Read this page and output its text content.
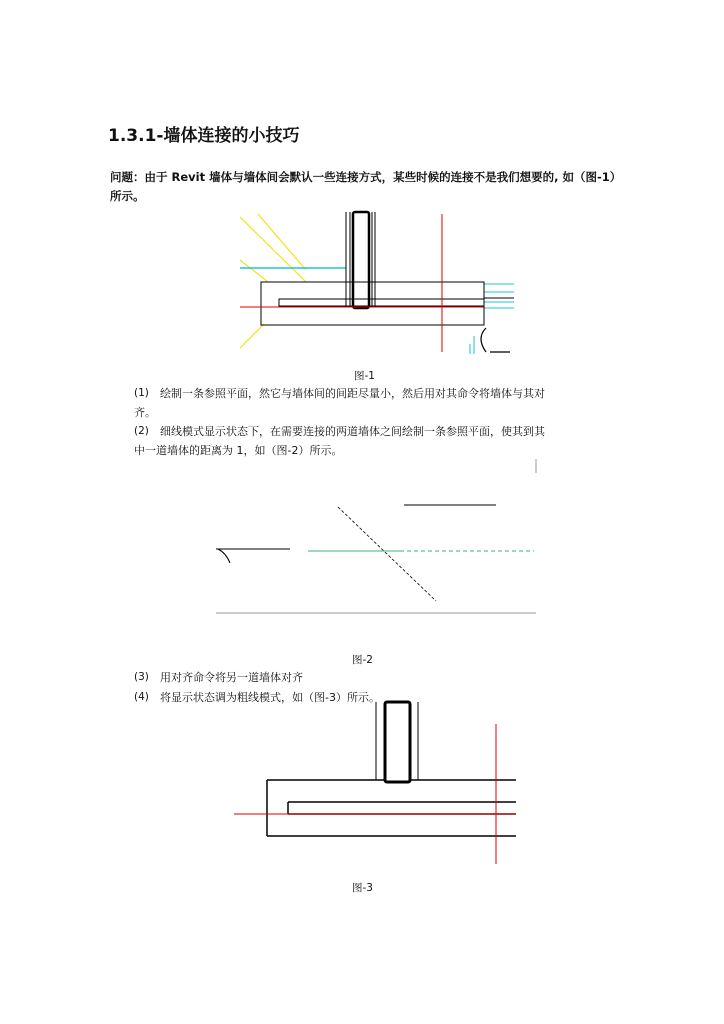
1.3.1-墙体连接的小技巧
问题：由于 Revit 墙体与墙体间会默认一些连接方式，某些时候的连接不是我们想要的, 如（图-1）所示。
图-1
(1) 绘制一条参照平面，然它与墙体间的间距尽量小，然后用对其命令将墙体与其对
齐。
(2) 细线模式显示状态下，在需要连接的两道墙体之间绘制一条参照平面，使其到其
中一道墙体的距离为 1，如（图-2）所示。
图-2
(3) 用对齐命令将另一道墙体对齐
(4) 将显示状态调为粗线模式，如（图-3）所示。
图-3
